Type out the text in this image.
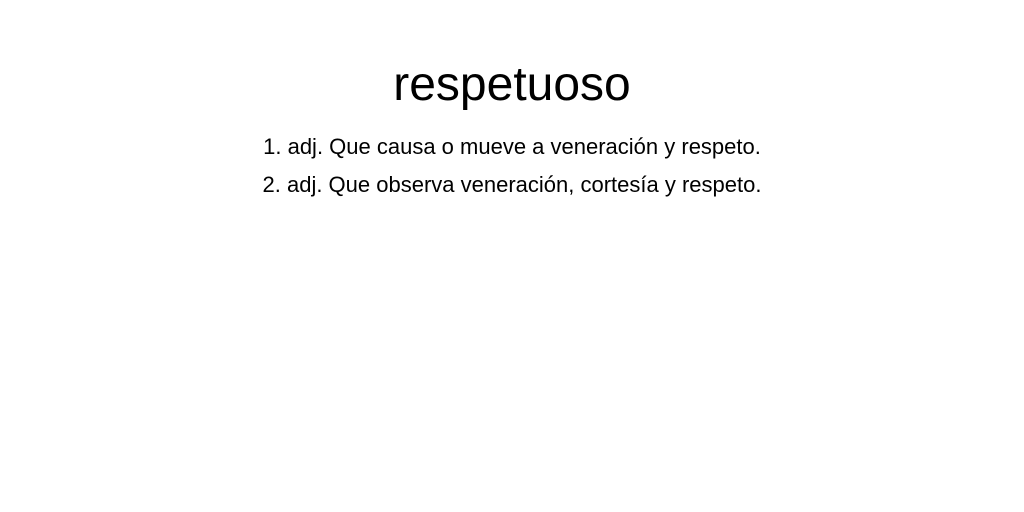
respetuoso
1. adj. Que causa o mueve a veneración y respeto.
2. adj. Que observa veneración, cortesía y respeto.
